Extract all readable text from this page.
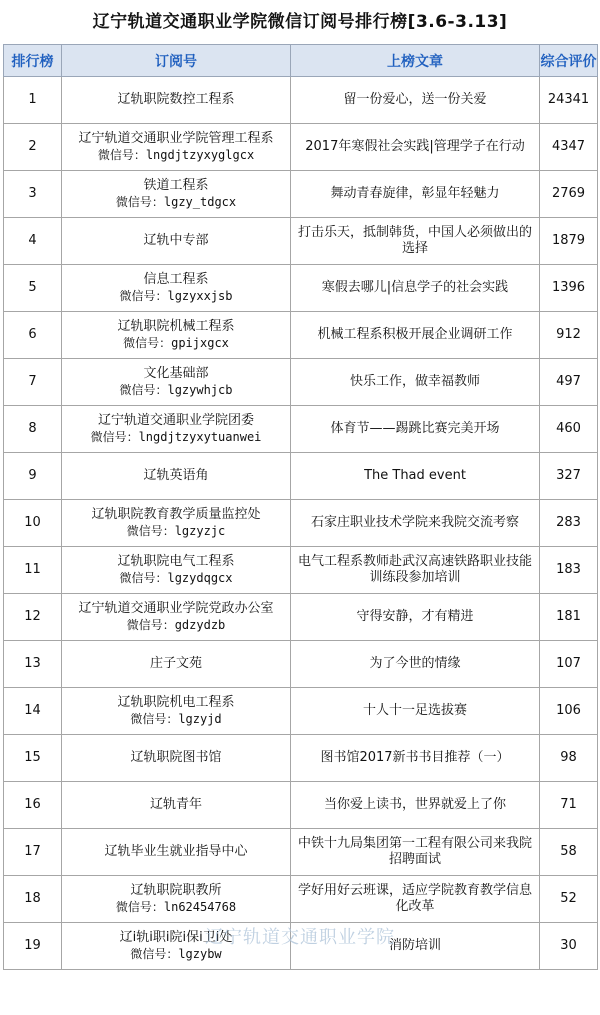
辽宁轨道交通职业学院微信订阅号排行榜[3.6-3.13]
排行榜	订阅号	上榜文章	综合评价
1	辽轨职院数控工程系	留一份爱心，送一份关爱	24341
2	辽宁轨道交通职业学院管理工程系
微信号：lngdjtzyxyglgcx	2017年寒假社会实践|管理学子在行动	4347
3	铁道工程系
微信号：lgzy_tdgcx	舞动青春旋律，彰显年轻魅力	2769
4	辽轨中专部	打击乐天，抵制韩货，中国人必须做出的选择	1879
5	信息工程系
微信号：lgzyxxjsb	寒假去哪儿|信息学子的社会实践	1396
6	辽轨职院机械工程系
微信号：gpijxgcx	机械工程系积极开展企业调研工作	912
7	文化基础部
微信号：lgzywhjcb	快乐工作，做幸福教师	497
8	辽宁轨道交通职业学院团委
微信号：lngdjtzyxytuanwei	体育节——踢跳比赛完美开场	460
9	辽轨英语角	The Thad event	327
10	辽轨职院教育教学质量监控处
微信号：lgzyzjc	石家庄职业技术学院来我院交流考察	283
11	辽轨职院电气工程系
微信号：lgzydqgcx	电气工程系教师赴武汉高速铁路职业技能训练段参加培训	183
12	辽宁轨道交通职业学院党政办公室
微信号：gdzydzb	守得安静，才有精进	181
13	庄子文苑	为了今世的情缘	107
14	辽轨职院机电工程系
微信号：lgzyjd	十人十一足选拔赛	106
15	辽轨职院图书馆	图书馆2017新书书目推荐（一）	98
16	辽轨青年	当你爱上读书，世界就爱上了你	71
17	辽轨毕业生就业指导中心	中铁十九局集团第一工程有限公司来我院招聘面试	58
18	辽轨职院职教所
微信号：ln62454768	学好用好云班课，适应学院教育教学信息化改革	52
19	辽i轨i职i院i保i卫i处
微信号：lgzybw	消防培训	30
辽宁轨道交通职业学院
